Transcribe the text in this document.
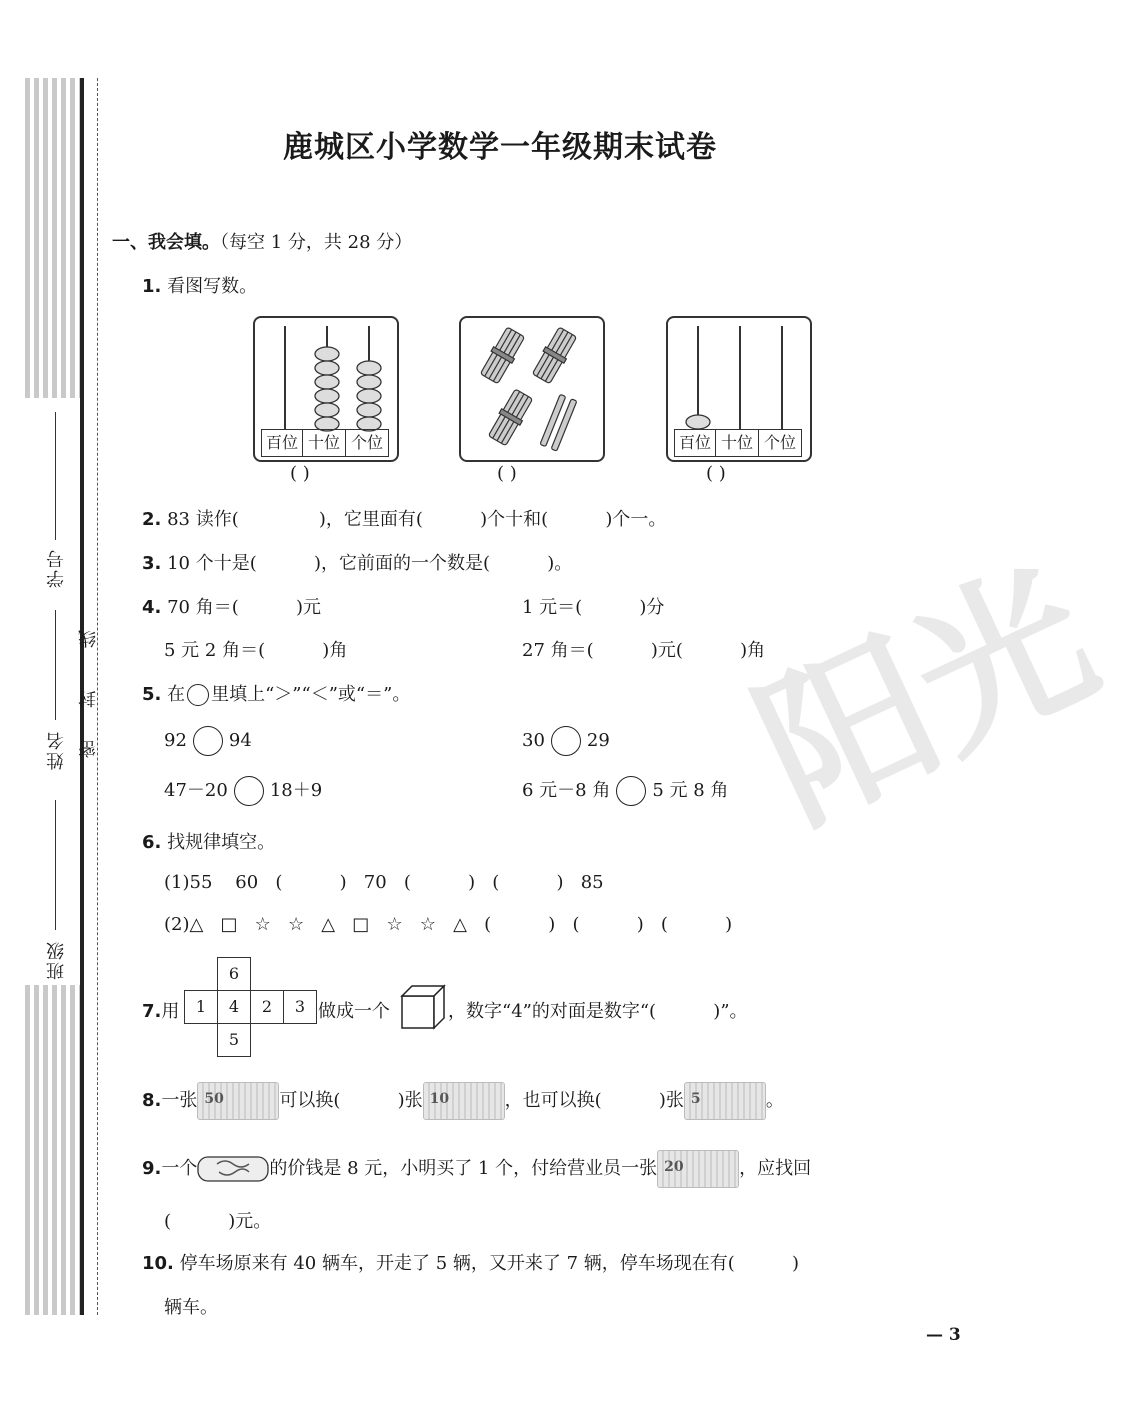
学号
姓名
班级
线
封
密	阳光
鹿城区小学数学一年级期末试卷
一、我会填。（每空 1 分，共 28 分）
1. 看图写数。
百位 十位 个位
( )	( )
百位 十位 个位
( )
2. 83 读作(              )，它里面有(          )个十和(          )个一。
3. 10 个十是(          )，它前面的一个数是(          )。
4. 70 角＝(          )元	1 元＝(          )分
5 元 2 角＝(          )角	27 角＝(          )元(          )角
5. 在 里填上“＞”“＜”或“＝”。
92 94	30 29
47－20 18＋9	6 元－8 角 5 元 8 角
6. 找规律填空。
(1)55    60   (          )   70   (          )   (          )   85
(2)△   □   ☆   ☆   △   □   ☆   ☆   △   (          )   (          )   (          )
7.用
6
1	4	2	3
5
做成一个	，数字“4”的对面是数字“(          )”。
8.一张 50	可以换(          )张 10	，也可以换(          )张 5	。
9.一个	的价钱是 8 元，小明买了 1 个，付给营业员一张 20	，应找回
(          )元。
10. 停车场原来有 40 辆车，开走了 5 辆，又开来了 7 辆，停车场现在有(          )
辆车。
— 3
